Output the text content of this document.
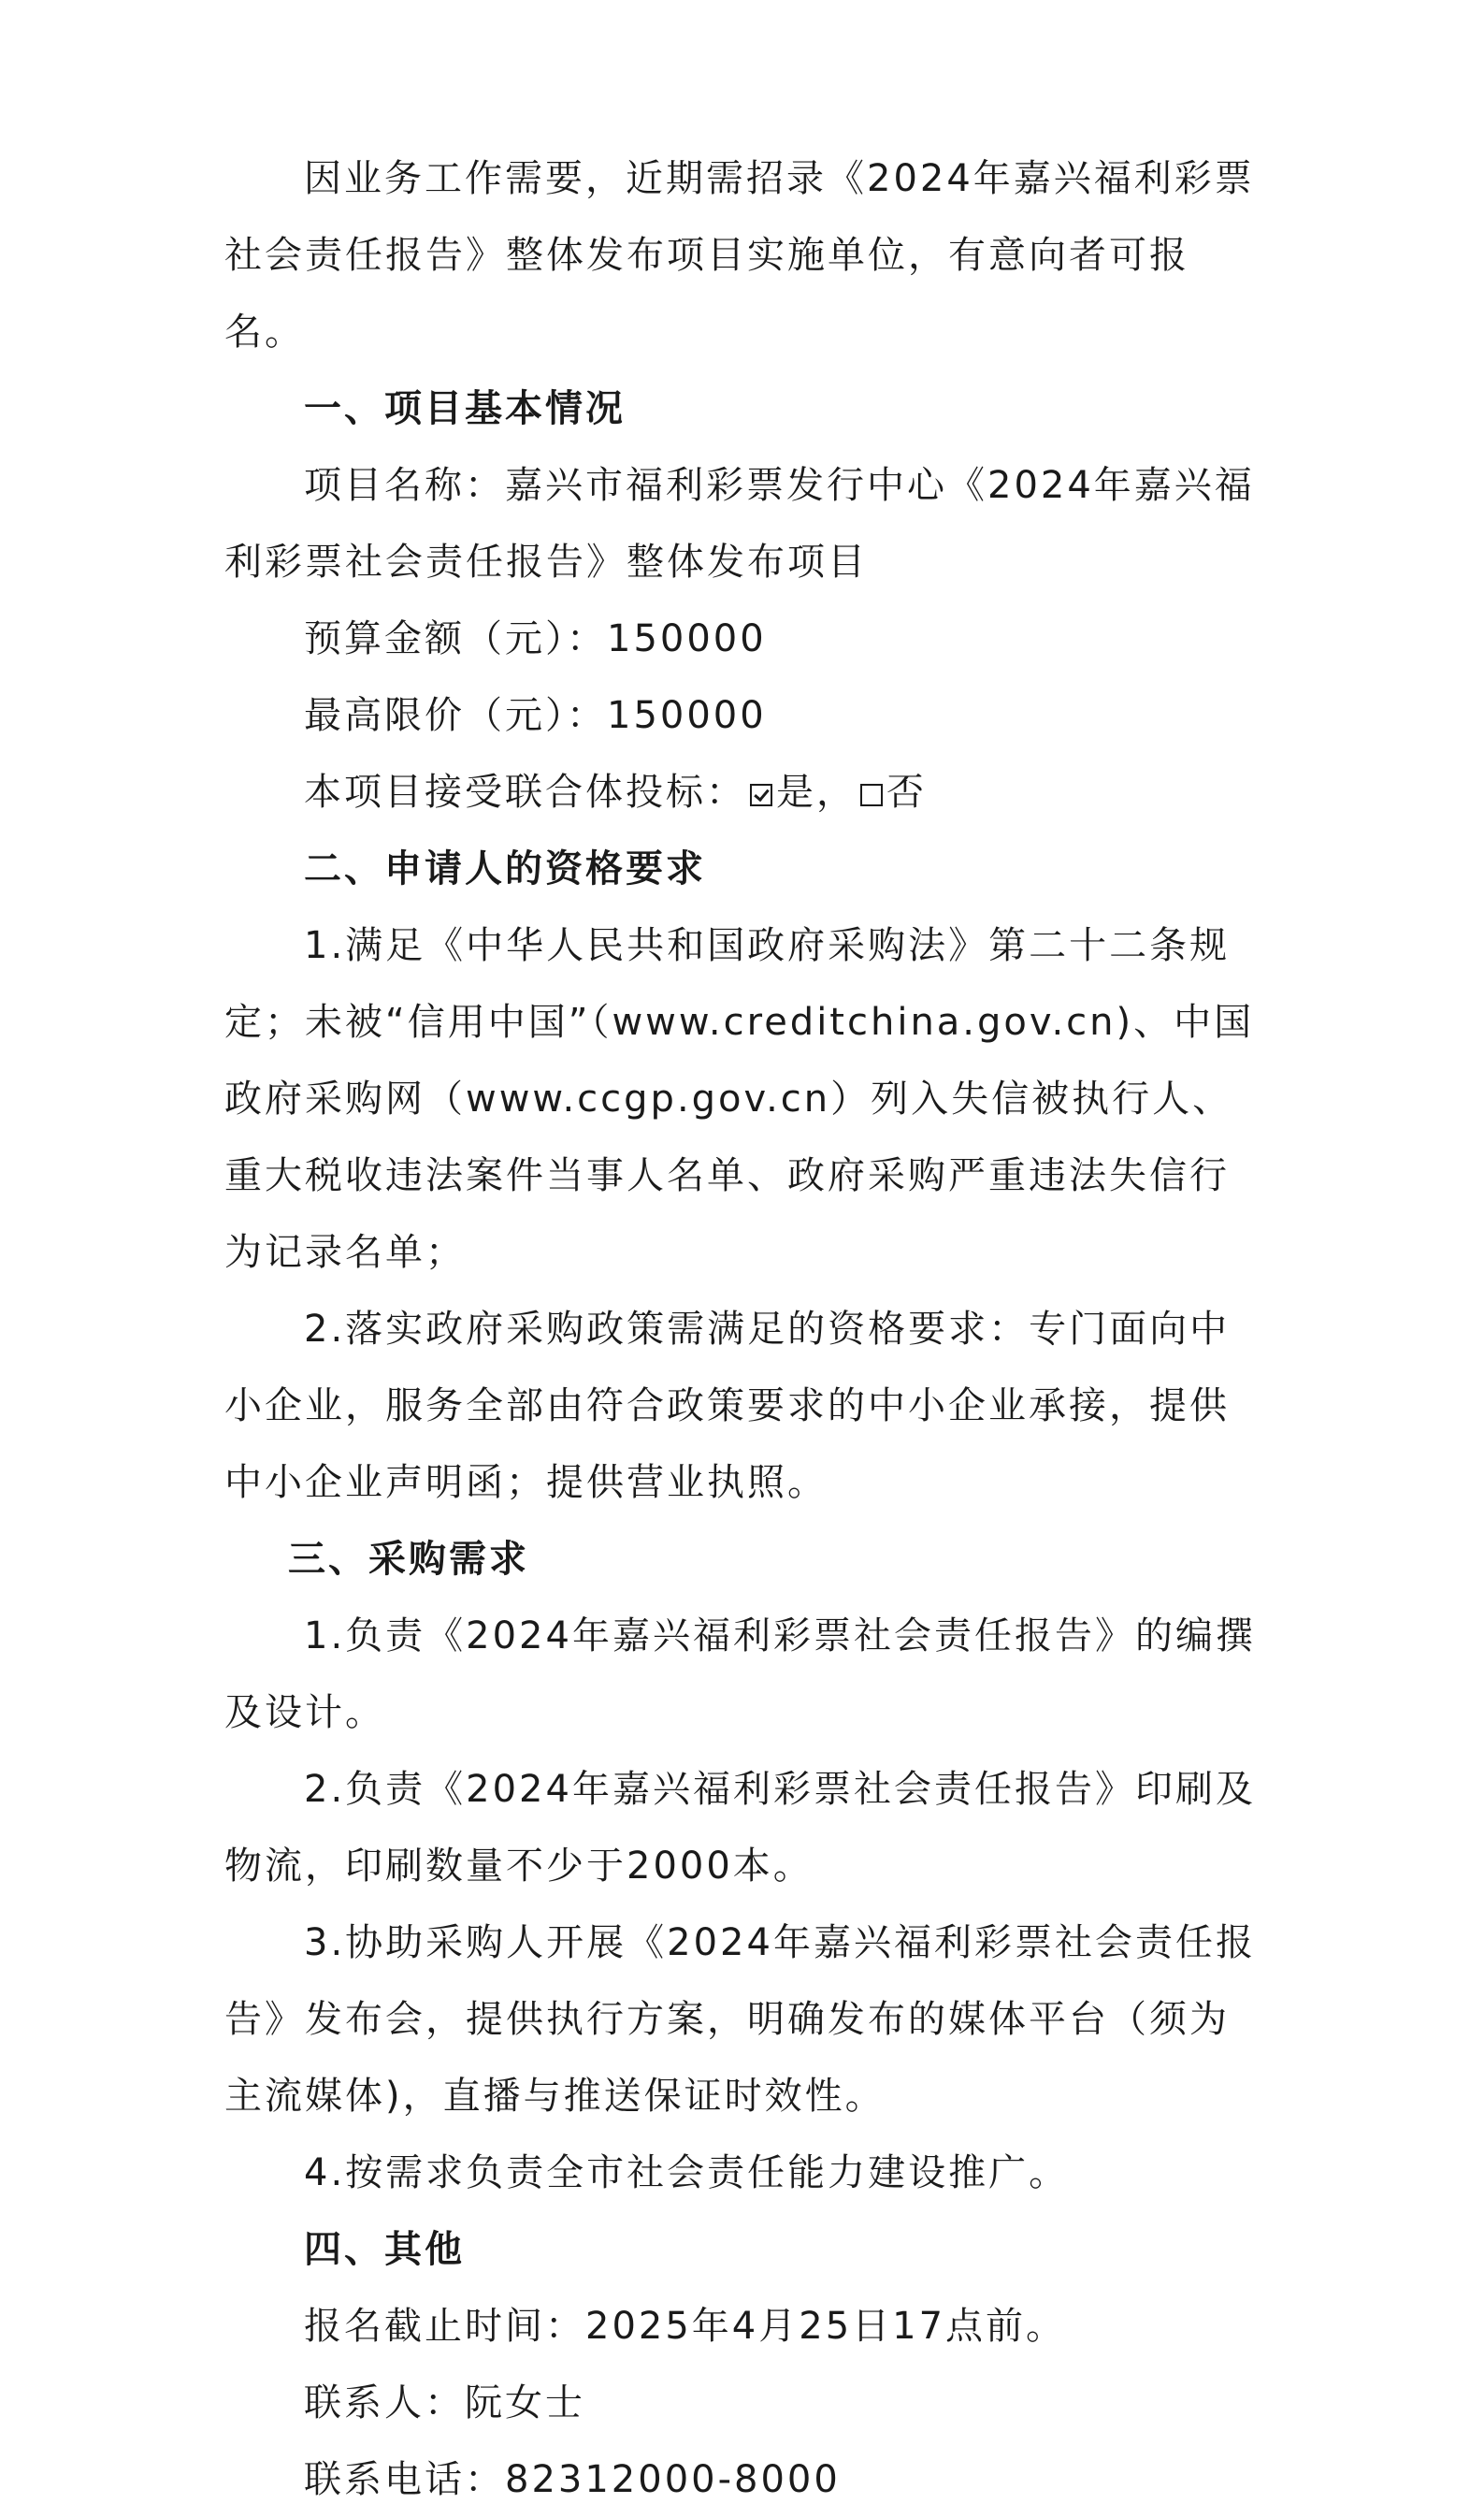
因业务工作需要，近期需招录《2024年嘉兴福利彩票社会责任报告》整体发布项目实施单位，有意向者可报名。

一、项目基本情况

项目名称：嘉兴市福利彩票发行中心《2024年嘉兴福利彩票社会责任报告》整体发布项目

预算金额（元）：150000

最高限价（元）：150000

本项目接受联合体投标： 是， 否

二、申请人的资格要求

1.满足《中华人民共和国政府采购法》第二十二条规定；未被“信用中国”（www.creditchina.gov.cn)、中国政府采购网（www.ccgp.gov.cn）列入失信被执行人、重大税收违法案件当事人名单、政府采购严重违法失信行为记录名单；

2.落实政府采购政策需满足的资格要求：专门面向中小企业，服务全部由符合政策要求的中小企业承接，提供中小企业声明函；提供营业执照。

三、采购需求

1.负责《2024年嘉兴福利彩票社会责任报告》的编撰及设计。

2.负责《2024年嘉兴福利彩票社会责任报告》印刷及物流，印刷数量不少于2000本。

3.协助采购人开展《2024年嘉兴福利彩票社会责任报告》发布会，提供执行方案，明确发布的媒体平台（须为主流媒体)，直播与推送保证时效性。

4.按需求负责全市社会责任能力建设推广。

四、其他

报名截止时间：2025年4月25日17点前。

联系人：阮女士

联系电话：82312000-8000
